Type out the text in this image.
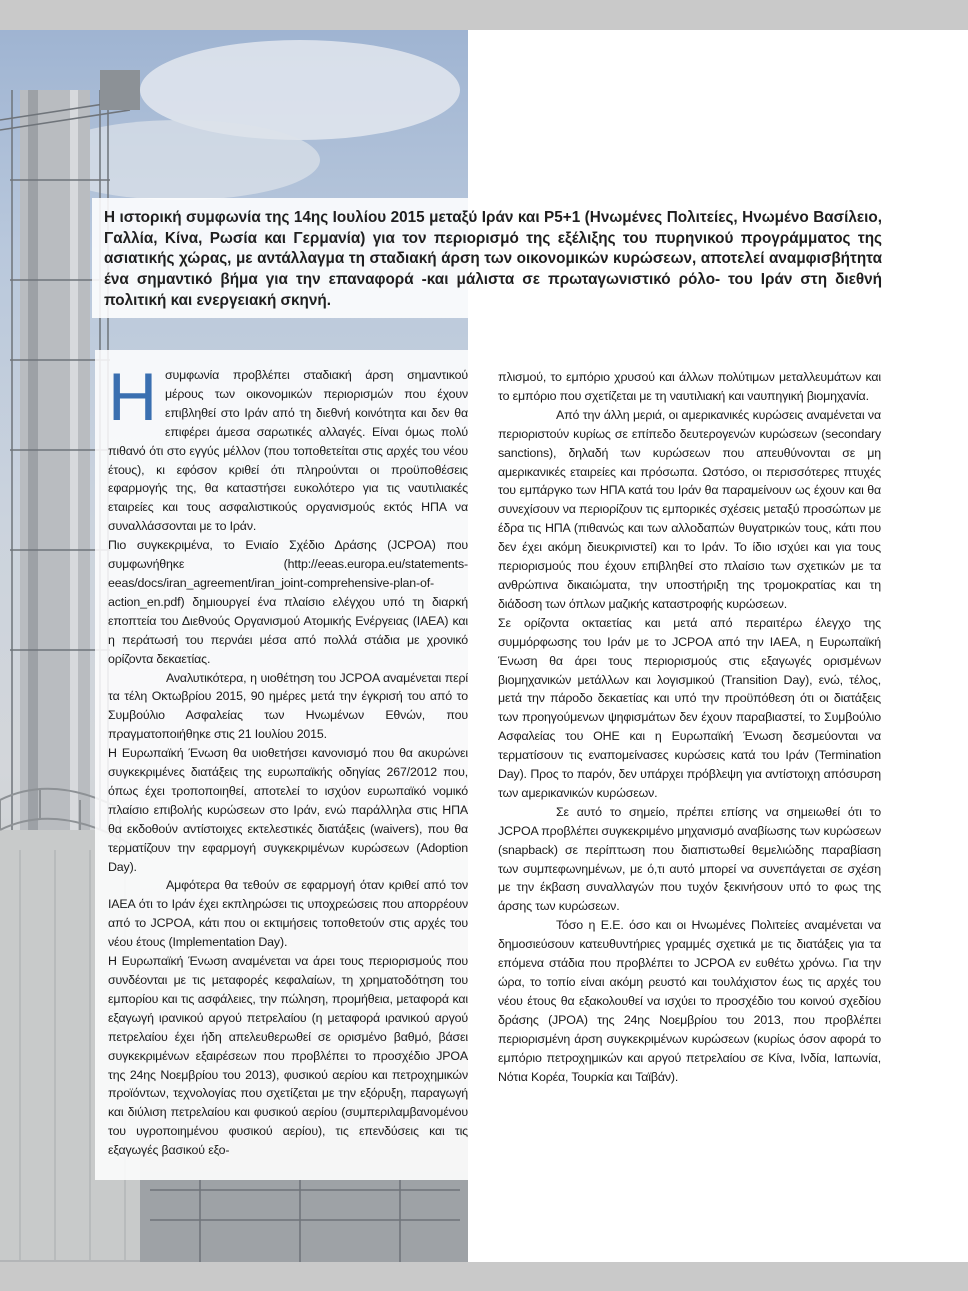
Η ιστορική συμφωνία της 14ης Ιουλίου 2015 μεταξύ Ιράν και Ρ5+1 (Ηνωμένες Πολιτείες, Ηνωμένο Βασίλειο, Γαλλία, Κίνα, Ρωσία και Γερμανία) για τον περιορισμό της εξέλιξης του πυρηνικού προγράμματος της ασιατικής χώρας, με αντάλλαγμα τη σταδιακή άρση των οικονομικών κυρώσεων, αποτελεί αναμφισβήτητα ένα σημαντικό βήμα για την επαναφορά -και μάλιστα σε πρωταγωνιστικό ρόλο- του Ιράν στη διεθνή πολιτική και ενεργειακή σκηνή.

Ησυμφωνία προβλέπει σταδιακή άρση σημαντικού μέρους των οικονομικών περιορισμών που έχουν επιβληθεί στο Ιράν από τη διεθνή κοινότητα και δεν θα επιφέρει άμεσα σαρωτικές αλλαγές. Είναι όμως πολύ πιθανό ότι στο εγγύς μέλλον (που τοποθετείται στις αρχές του νέου έτους), κι εφόσον κριθεί ότι πληρούνται οι προϋποθέσεις εφαρμογής της, θα καταστήσει ευκολότερο για τις ναυτιλιακές εταιρείες και τους ασφαλιστικούς οργανισμούς εκτός ΗΠΑ να συναλλάσσονται με το Ιράν.

Πιο συγκεκριμένα, το Ενιαίο Σχέδιο Δράσης (JCPOA) που συμφωνήθηκε (http://eeas.europa.eu/statements-eeas/docs/iran_agreement/iran_joint-comprehensive-plan-of-action_en.pdf) δημιουργεί ένα πλαίσιο ελέγχου υπό τη διαρκή εποπτεία του Διεθνούς Οργανισμού Ατομικής Ενέργειας (ΙΑΕΑ) και η περάτωσή του περνάει μέσα από πολλά στάδια με χρονικό ορίζοντα δεκαετίας.

Αναλυτικότερα, η υιοθέτηση του JCPOA αναμένεται περί τα τέλη Οκτωβρίου 2015, 90 ημέρες μετά την έγκρισή του από το Συμβούλιο Ασφαλείας των Ηνωμένων Εθνών, που πραγματοποιήθηκε στις 21 Ιουλίου 2015.

Η Ευρωπαϊκή Ένωση θα υιοθετήσει κανονισμό που θα ακυρώνει συγκεκριμένες διατάξεις της ευρωπαϊκής οδηγίας 267/2012 που, όπως έχει τροποποιηθεί, αποτελεί το ισχύον ευρωπαϊκό νομικό πλαίσιο επιβολής κυρώσεων στο Ιράν, ενώ παράλληλα στις ΗΠΑ θα εκδοθούν αντίστοιχες εκτελεστικές διατάξεις (waivers), που θα τερματίζουν την εφαρμογή συγκεκριμένων κυρώσεων (Adoption Day).

Αμφότερα θα τεθούν σε εφαρμογή όταν κριθεί από τον ΙΑΕΑ ότι το Ιράν έχει εκπληρώσει τις υποχρεώσεις που απορρέουν από το JCPOA, κάτι που οι εκτιμήσεις τοποθετούν στις αρχές του νέου έτους (Implementation Day).

Η Ευρωπαϊκή Ένωση αναμένεται να άρει τους περιορισμούς που συνδέονται με τις μεταφορές κεφαλαίων, τη χρηματοδότηση του εμπορίου και τις ασφάλειες, την πώληση, προμήθεια, μεταφορά και εξαγωγή ιρανικού αργού πετρελαίου (η μεταφορά ιρανικού αργού πετρελαίου έχει ήδη απελευθερωθεί σε ορισμένο βαθμό, βάσει συγκεκριμένων εξαιρέσεων που προβλέπει το προσχέδιο JPOA της 24ης Νοεμβρίου του 2013), φυσικού αερίου και πετροχημικών προϊόντων, τεχνολογίας που σχετίζεται με την εξόρυξη, παραγωγή και διύλιση πετρελαίου και φυσικού αερίου (συμπεριλαμβανομένου του υγροποιημένου φυσικού αερίου), τις επενδύσεις και τις εξαγωγές βασικού εξο-

πλισμού, το εμπόριο χρυσού και άλλων πολύτιμων μεταλλευμάτων και το εμπόριο που σχετίζεται με τη ναυτιλιακή και ναυπηγική βιομηχανία.

Από την άλλη μεριά, οι αμερικανικές κυρώσεις αναμένεται να περιοριστούν κυρίως σε επίπεδο δευτερογενών κυρώσεων (secondary sanctions), δηλαδή των κυρώσεων που απευθύνονται σε μη αμερικανικές εταιρείες και πρόσωπα. Ωστόσο, οι περισσότερες πτυχές του εμπάργκο των ΗΠΑ κατά του Ιράν θα παραμείνουν ως έχουν και θα συνεχίσουν να περιορίζουν τις εμπορικές σχέσεις μεταξύ προσώπων με έδρα τις ΗΠΑ (πιθανώς και των αλλοδαπών θυγατρικών τους, κάτι που δεν έχει ακόμη διευκρινιστεί) και το Ιράν. Το ίδιο ισχύει και για τους περιορισμούς που έχουν επιβληθεί στο πλαίσιο των σχετικών με τα ανθρώπινα δικαιώματα, την υποστήριξη της τρομοκρατίας και τη διάδοση των όπλων μαζικής καταστροφής κυρώσεων.

Σε ορίζοντα οκταετίας και μετά από περαιτέρω έλεγχο της συμμόρφωσης του Ιράν με το JCPOA από την ΙΑΕΑ, η Ευρωπαϊκή Ένωση θα άρει τους περιορισμούς στις εξαγωγές ορισμένων βιομηχανικών μετάλλων και λογισμικού (Transition Day), ενώ, τέλος, μετά την πάροδο δεκαετίας και υπό την προϋπόθεση ότι οι διατάξεις των προηγούμενων ψηφισμάτων δεν έχουν παραβιαστεί, το Συμβούλιο Ασφαλείας του ΟΗΕ και η Ευρωπαϊκή Ένωση δεσμεύονται να τερματίσουν τις εναπομείνασες κυρώσεις κατά του Ιράν (Termination Day). Προς το παρόν, δεν υπάρχει πρόβλεψη για αντίστοιχη απόσυρση των αμερικανικών κυρώσεων.

Σε αυτό το σημείο, πρέπει επίσης να σημειωθεί ότι το JCPOA προβλέπει συγκεκριμένο μηχανισμό αναβίωσης των κυρώσεων (snapback) σε περίπτωση που διαπιστωθεί θεμελιώδης παραβίαση των συμπεφωνημένων, με ό,τι αυτό μπορεί να συνεπάγεται σε σχέση με την έκβαση συναλλαγών που τυχόν ξεκινήσουν υπό το φως της άρσης των κυρώσεων.

Τόσο η Ε.Ε. όσο και οι Ηνωμένες Πολιτείες αναμένεται να δημοσιεύσουν κατευθυντήριες γραμμές σχετικά με τις διατάξεις για τα επόμενα στάδια που προβλέπει το JCPOA εν ευθέτω χρόνω. Για την ώρα, το τοπίο είναι ακόμη ρευστό και τουλάχιστον έως τις αρχές του νέου έτους θα εξακολουθεί να ισχύει το προσχέδιο του κοινού σχεδίου δράσης (JPOA) της 24ης Νοεμβρίου του 2013, που προβλέπει περιορισμένη άρση συγκεκριμένων κυρώσεων (κυρίως όσον αφορά το εμπόριο πετροχημικών και αργού πετρελαίου σε Κίνα, Ινδία, Ιαπωνία, Νότια Κορέα, Τουρκία και Ταϊβάν).
